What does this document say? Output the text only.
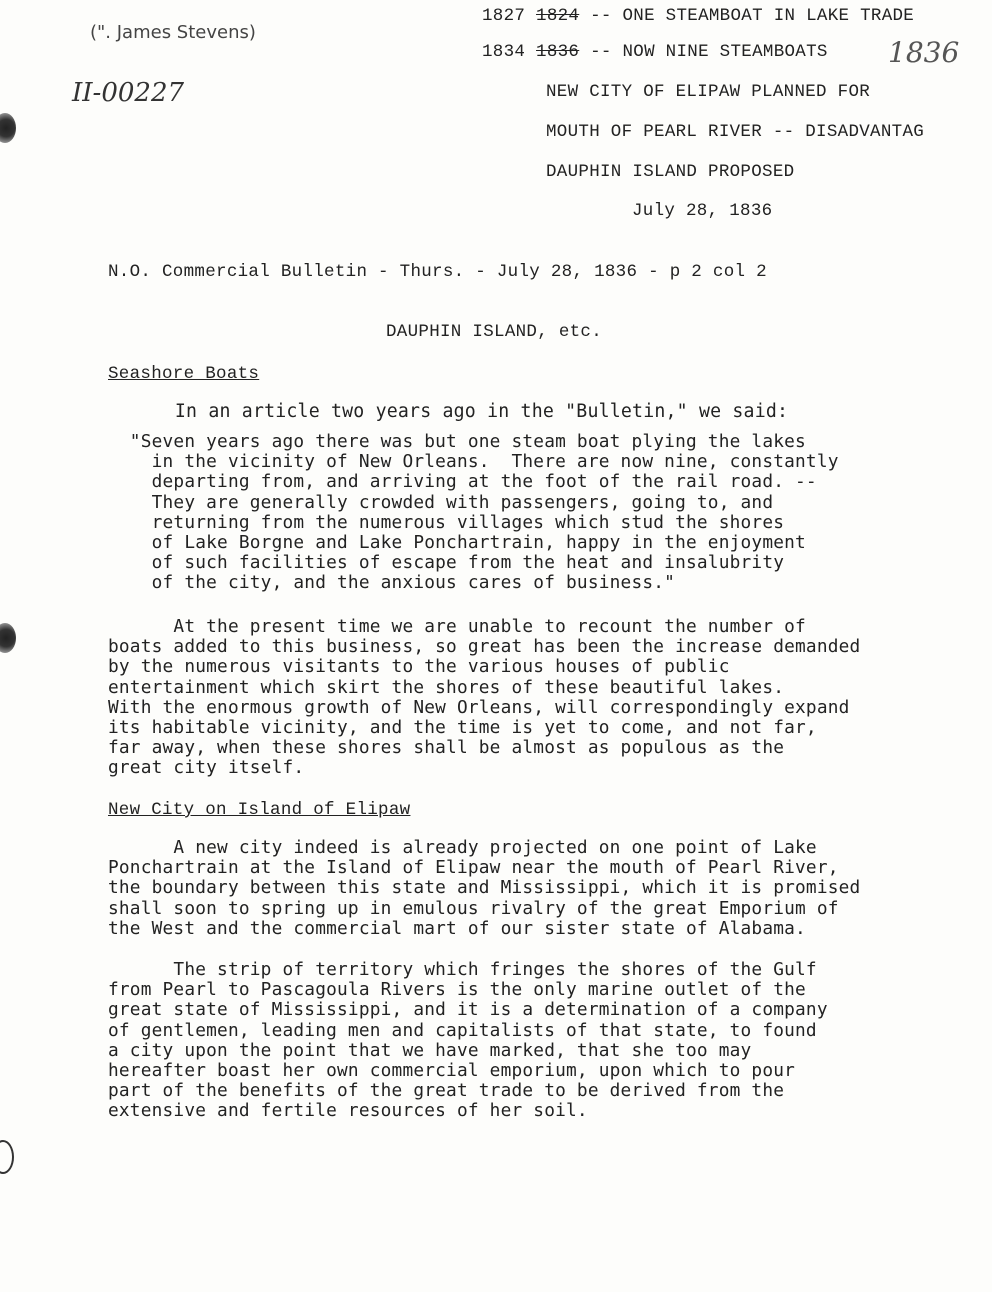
(". James Stevens)
II-00227
1827 1824 -- ONE STEAMBOAT IN LAKE TRADE
1834 1836 -- NOW NINE STEAMBOATS 1836
NEW CITY OF ELIPAW PLANNED FOR
MOUTH OF PEARL RIVER -- DISADVANTAG
DAUPHIN ISLAND PROPOSED
July 28, 1836
N.O. Commercial Bulletin - Thurs. - July 28, 1836 - p 2 col 2
DAUPHIN ISLAND, etc.
Seashore Boats
In an article two years ago in the "Bulletin," we said:
"Seven years ago there was but one steam boat plying the lakes
in the vicinity of New Orleans.  There are now nine, constantly
departing from, and arriving at the foot of the rail road. --
They are generally crowded with passengers, going to, and
returning from the numerous villages which stud the shores
of Lake Borgne and Lake Ponchartrain, happy in the enjoyment
of such facilities of escape from the heat and insalubrity
of the city, and the anxious cares of business."
At the present time we are unable to recount the number of
boats added to this business, so great has been the increase demanded
by the numerous visitants to the various houses of public
entertainment which skirt the shores of these beautiful lakes.
With the enormous growth of New Orleans, will correspondingly expand
its habitable vicinity, and the time is yet to come, and not far,
far away, when these shores shall be almost as populous as the
great city itself.
New City on Island of Elipaw
A new city indeed is already projected on one point of Lake
Ponchartrain at the Island of Elipaw near the mouth of Pearl River,
the boundary between this state and Mississippi, which it is promised
shall soon to spring up in emulous rivalry of the great Emporium of
the West and the commercial mart of our sister state of Alabama.
The strip of territory which fringes the shores of the Gulf
from Pearl to Pascagoula Rivers is the only marine outlet of the
great state of Mississippi, and it is a determination of a company
of gentlemen, leading men and capitalists of that state, to found
a city upon the point that we have marked, that she too may
hereafter boast her own commercial emporium, upon which to pour
part of the benefits of the great trade to be derived from the
extensive and fertile resources of her soil.
